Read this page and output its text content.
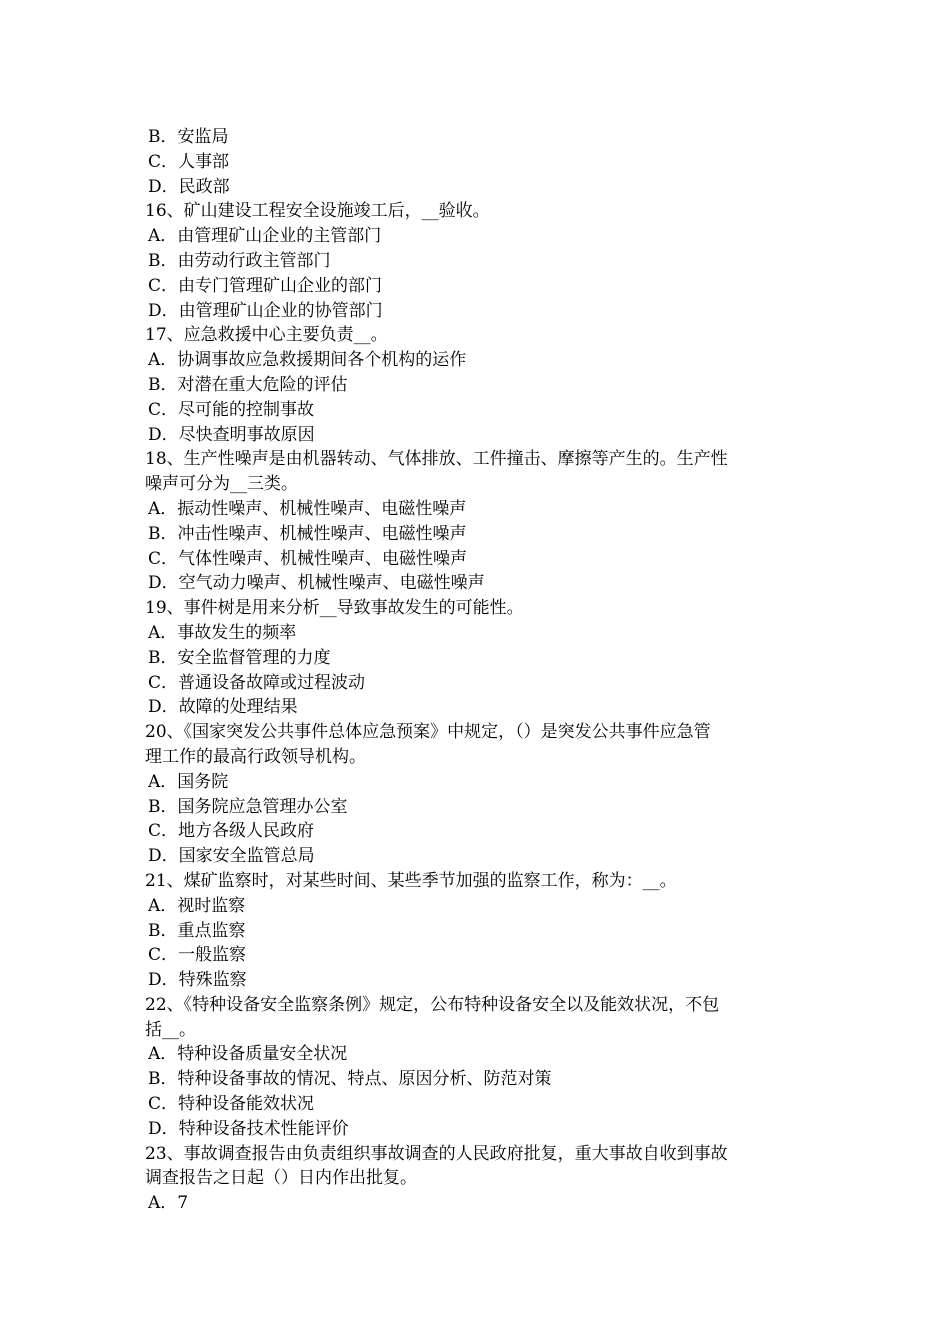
B．安监局
C．人事部
D．民政部
16、矿山建设工程安全设施竣工后，__验收。
A．由管理矿山企业的主管部门
B．由劳动行政主管部门
C．由专门管理矿山企业的部门
D．由管理矿山企业的协管部门
17、应急救援中心主要负责__。
A．协调事故应急救援期间各个机构的运作
B．对潜在重大危险的评估
C．尽可能的控制事故
D．尽快查明事故原因
18、生产性噪声是由机器转动、气体排放、工件撞击、摩擦等产生的。生产性
噪声可分为__三类。
A．振动性噪声、机械性噪声、电磁性噪声
B．冲击性噪声、机械性噪声、电磁性噪声
C．气体性噪声、机械性噪声、电磁性噪声
D．空气动力噪声、机械性噪声、电磁性噪声
19、事件树是用来分析__导致事故发生的可能性。
A．事故发生的频率
B．安全监督管理的力度
C．普通设备故障或过程波动
D．故障的处理结果
20、《国家突发公共事件总体应急预案》中规定，（）是突发公共事件应急管
理工作的最高行政领导机构。
A．国务院
B．国务院应急管理办公室
C．地方各级人民政府
D．国家安全监管总局
21、煤矿监察时，对某些时间、某些季节加强的监察工作，称为：__。
A．视时监察
B．重点监察
C．一般监察
D．特殊监察
22、《特种设备安全监察条例》规定，公布特种设备安全以及能效状况，不包
括__。
A．特种设备质量安全状况
B．特种设备事故的情况、特点、原因分析、防范对策
C．特种设备能效状况
D．特种设备技术性能评价
23、事故调查报告由负责组织事故调查的人民政府批复，重大事故自收到事故
调查报告之日起（）日内作出批复。
A．7
